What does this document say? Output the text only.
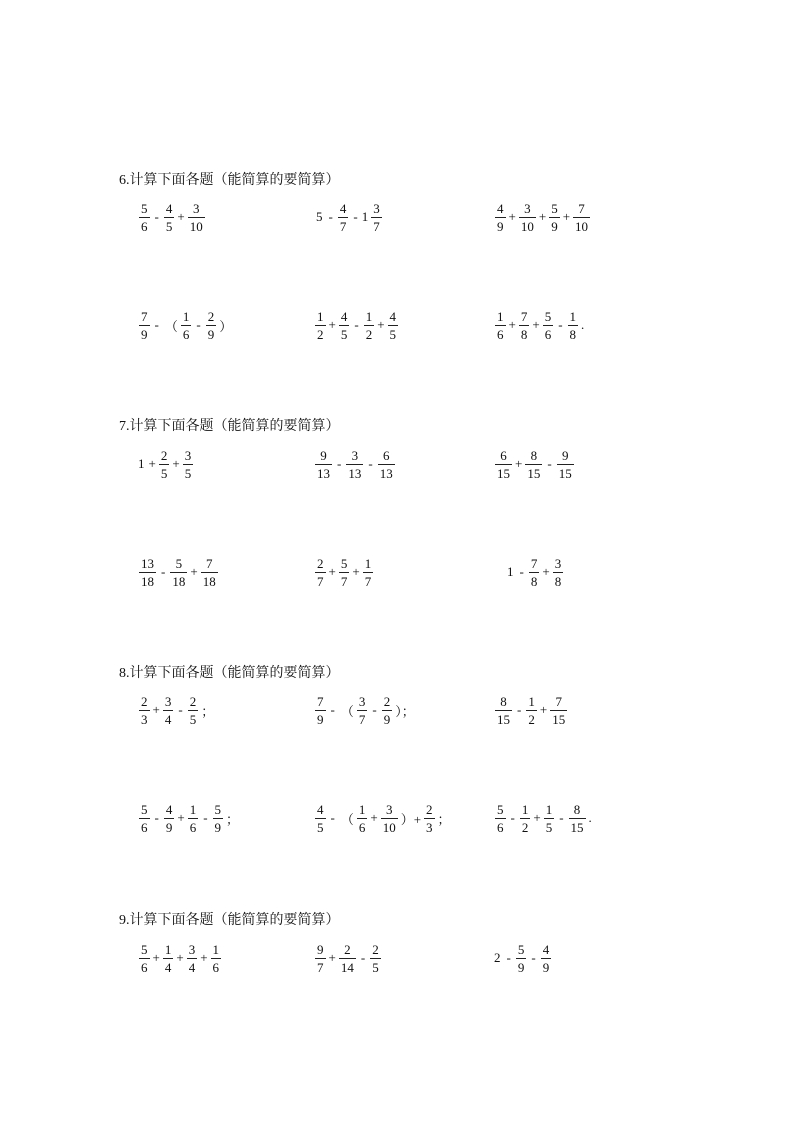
6.计算下面各题（能简算的要简算）
$\frac{5}{6} - \frac{4}{5} + \frac{3}{10}$	$5 - \frac{4}{7} - 1 \frac{3}{7}$	$\frac{4}{9} + \frac{3}{10} + \frac{5}{9} + \frac{7}{10}$
$\frac{7}{9}$ - （ $\frac{1}{6} - \frac{2}{9}$ ）	$\frac{1}{2} + \frac{4}{5} - \frac{1}{2} + \frac{4}{5}$	$\frac{1}{6} + \frac{7}{8} + \frac{5}{6} - \frac{1}{8}$ .
7.计算下面各题（能简算的要简算）
$1 + \frac{2}{5} + \frac{3}{5}$	$\frac{9}{13} - \frac{3}{13} - \frac{6}{13}$	$\frac{6}{15} + \frac{8}{15} - \frac{9}{15}$
$\frac{13}{18} - \frac{5}{18} + \frac{7}{18}$	$\frac{2}{7} + \frac{5}{7} + \frac{1}{7}$	$1 - \frac{7}{8} + \frac{3}{8}$
8.计算下面各题（能简算的要简算）
$\frac{2}{3} + \frac{3}{4} - \frac{2}{5}$ ；	$\frac{7}{9}$ - （ $\frac{3}{7} - \frac{2}{9}$ ）；	$\frac{8}{15} - \frac{1}{2} + \frac{7}{15}$
$\frac{5}{6} - \frac{4}{9} + \frac{1}{6} - \frac{5}{9}$ ；	$\frac{4}{5}$ - （ $\frac{1}{6} + \frac{3}{10}$ ）+ $\frac{2}{3}$ ；	$\frac{5}{6} - \frac{1}{2} + \frac{1}{5} - \frac{8}{15}$ .
9.计算下面各题（能简算的要简算）
$\frac{5}{6} + \frac{1}{4} + \frac{3}{4} + \frac{1}{6}$	$\frac{9}{7} + \frac{2}{14} - \frac{2}{5}$	$2 - \frac{5}{9} - \frac{4}{9}$
